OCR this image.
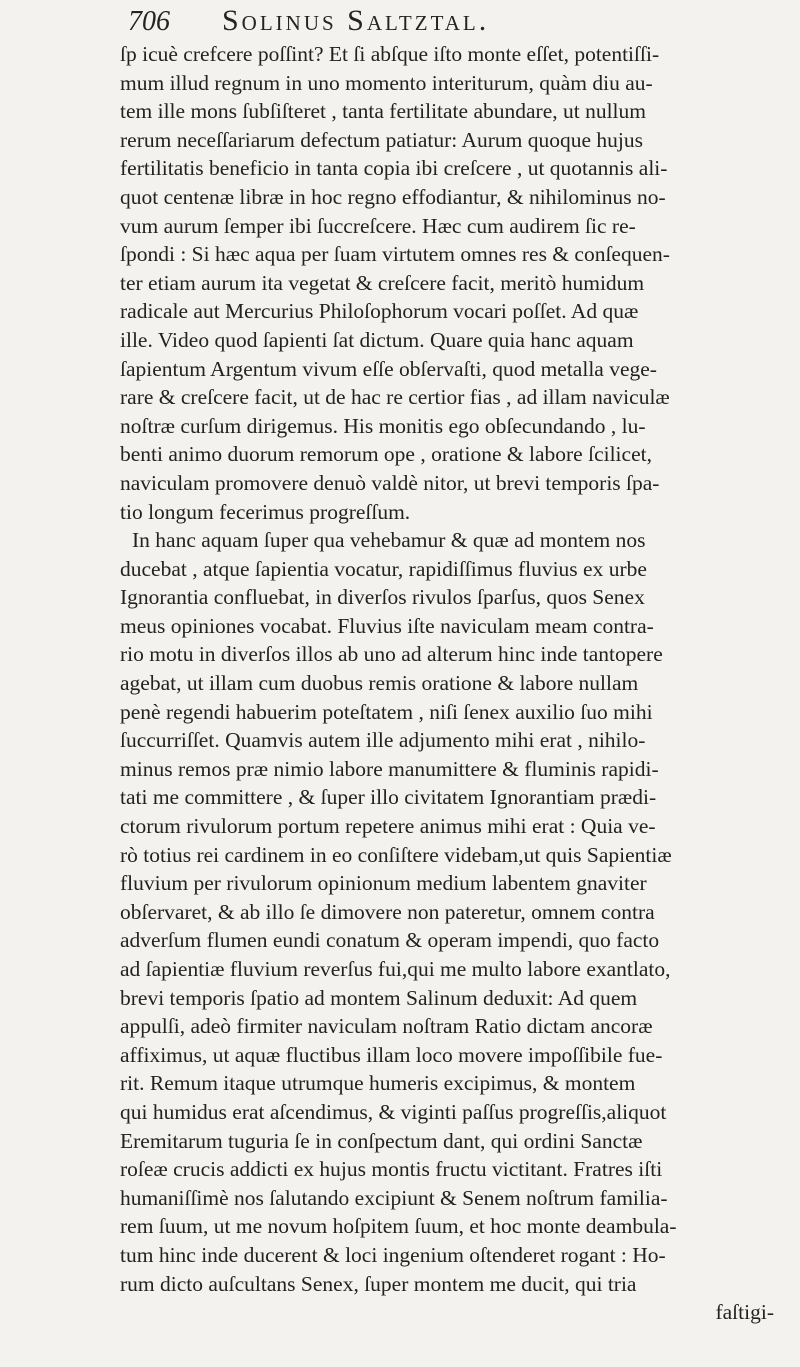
706 Solinus Saltztal.
ſp icuè crefcere poſſint? Et ſi abſque iſto monte eſſet, potentiſſi-
mum illud regnum in uno momento interiturum, quàm diu au-
tem ille mons ſubſiſteret , tanta fertilitate abundare, ut nullum
rerum neceſſariarum defectum patiatur: Aurum quoque hujus
fertilitatis beneficio in tanta copia ibi creſcere , ut quotannis ali-
quot centenæ libræ in hoc regno effodiantur, & nihilominus no-
vum aurum ſemper ibi ſuccreſcere. Hæc cum audirem ſic re-
ſpondi : Si hæc aqua per ſuam virtutem omnes res & conſequen-
ter etiam aurum ita vegetat & creſcere facit, meritò humidum
radicale aut Mercurius Philoſophorum vocari poſſet. Ad quæ
ille. Video quod ſapienti ſat dictum. Quare quia hanc aquam
ſapientum Argentum vivum eſſe obſervaſti, quod metalla vege-
rare & creſcere facit, ut de hac re certior fias , ad illam naviculæ
noſtræ curſum dirigemus. His monitis ego obſecundando , lu-
benti animo duorum remorum ope , oratione & labore ſcilicet,
naviculam promovere denuò valdè nitor, ut brevi temporis ſpa-
tio longum fecerimus progreſſum.
In hanc aquam ſuper qua vehebamur & quæ ad montem nos
ducebat , atque ſapientia vocatur, rapidiſſimus fluvius ex urbe
Ignorantia confluebat, in diverſos rivulos ſparſus, quos Senex
meus opiniones vocabat. Fluvius iſte naviculam meam contra-
rio motu in diverſos illos ab uno ad alterum hinc inde tantopere
agebat, ut illam cum duobus remis oratione & labore nullam
penè regendi habuerim poteſtatem , niſi ſenex auxilio ſuo mihi
ſuccurriſſet. Quamvis autem ille adjumento mihi erat , nihilo-
minus remos præ nimio labore manumittere & fluminis rapidi-
tati me committere , & ſuper illo civitatem Ignorantiam prædi-
ctorum rivulorum portum repetere animus mihi erat : Quia ve-
rò totius rei cardinem in eo conſiſtere videbam,ut quis Sapientiæ
fluvium per rivulorum opinionum medium labentem gnaviter
obſervaret, & ab illo ſe dimovere non pateretur, omnem contra
adverſum flumen eundi conatum & operam impendi, quo facto
ad ſapientiæ fluvium reverſus fui,qui me multo labore exantlato,
brevi temporis ſpatio ad montem Salinum deduxit: Ad quem
appulſi, adeò firmiter naviculam noſtram Ratio dictam ancoræ
affiximus, ut aquæ fluctibus illam loco movere impoſſibile fue-
rit. Remum itaque utrumque humeris excipimus, & montem
qui humidus erat aſcendimus, & viginti paſſus progreſſis,aliquot
Eremitarum tuguria ſe in conſpectum dant, qui ordini Sanctæ
roſeæ crucis addicti ex hujus montis fructu victitant. Fratres iſti
humaniſſimè nos ſalutando excipiunt & Senem noſtrum familia-
rem ſuum, ut me novum hoſpitem ſuum, et hoc monte deambula-
tum hinc inde ducerent & loci ingenium oſtenderet rogant : Ho-
rum dicto auſcultans Senex, ſuper montem me ducit, qui tria
faſtigi-
